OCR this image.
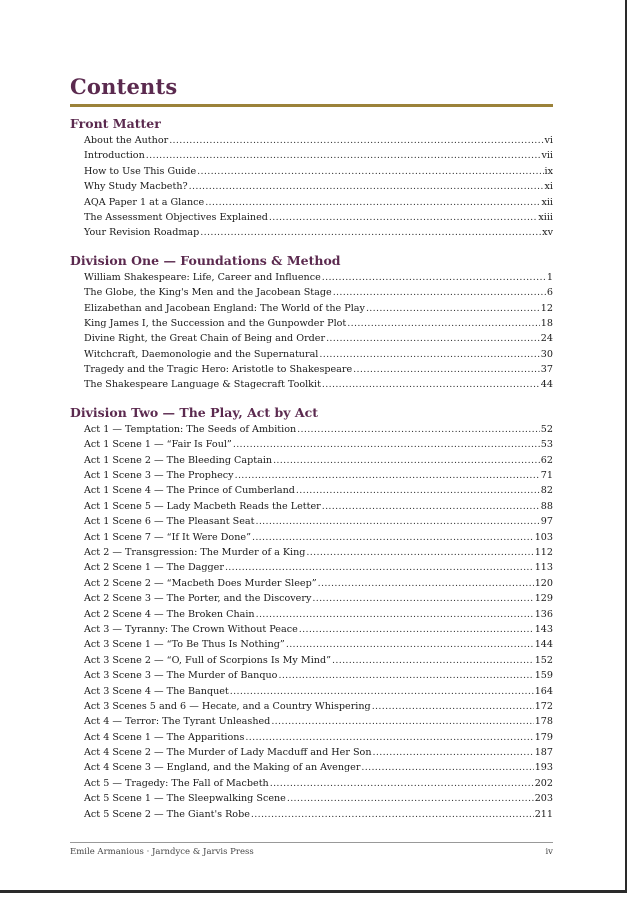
Contents
Front Matter
About the Author .....	vi
Introduction .....	vii
How to Use This Guide .....	ix
Why Study Macbeth? .....	xi
AQA Paper 1 at a Glance .....	xii
The Assessment Objectives Explained .....	xiii
Your Revision Roadmap .....	xv
Division One — Foundations & Method
William Shakespeare: Life, Career and Influence .....	1
The Globe, the King's Men and the Jacobean Stage .....	6
Elizabethan and Jacobean England: The World of the Play .....	12
King James I, the Succession and the Gunpowder Plot .....	18
Divine Right, the Great Chain of Being and Order .....	24
Witchcraft, Daemonologie and the Supernatural .....	30
Tragedy and the Tragic Hero: Aristotle to Shakespeare .....	37
The Shakespeare Language & Stagecraft Toolkit .....	44
Division Two — The Play, Act by Act
Act 1 — Temptation: The Seeds of Ambition .....	52
Act 1 Scene 1 — “Fair Is Foul” .....	53
Act 1 Scene 2 — The Bleeding Captain .....	62
Act 1 Scene 3 — The Prophecy .....	71
Act 1 Scene 4 — The Prince of Cumberland .....	82
Act 1 Scene 5 — Lady Macbeth Reads the Letter .....	88
Act 1 Scene 6 — The Pleasant Seat .....	97
Act 1 Scene 7 — “If It Were Done” .....	103
Act 2 — Transgression: The Murder of a King .....	112
Act 2 Scene 1 — The Dagger .....	113
Act 2 Scene 2 — “Macbeth Does Murder Sleep” .....	120
Act 2 Scene 3 — The Porter, and the Discovery .....	129
Act 2 Scene 4 — The Broken Chain .....	136
Act 3 — Tyranny: The Crown Without Peace .....	143
Act 3 Scene 1 — “To Be Thus Is Nothing” .....	144
Act 3 Scene 2 — “O, Full of Scorpions Is My Mind” .....	152
Act 3 Scene 3 — The Murder of Banquo .....	159
Act 3 Scene 4 — The Banquet .....	164
Act 3 Scenes 5 and 6 — Hecate, and a Country Whispering .....	172
Act 4 — Terror: The Tyrant Unleashed .....	178
Act 4 Scene 1 — The Apparitions .....	179
Act 4 Scene 2 — The Murder of Lady Macduff and Her Son .....	187
Act 4 Scene 3 — England, and the Making of an Avenger .....	193
Act 5 — Tragedy: The Fall of Macbeth .....	202
Act 5 Scene 1 — The Sleepwalking Scene .....	203
Act 5 Scene 2 — The Giant's Robe .....	211
Emile Armanious · Jarndyce & Jarvis Press	iv
